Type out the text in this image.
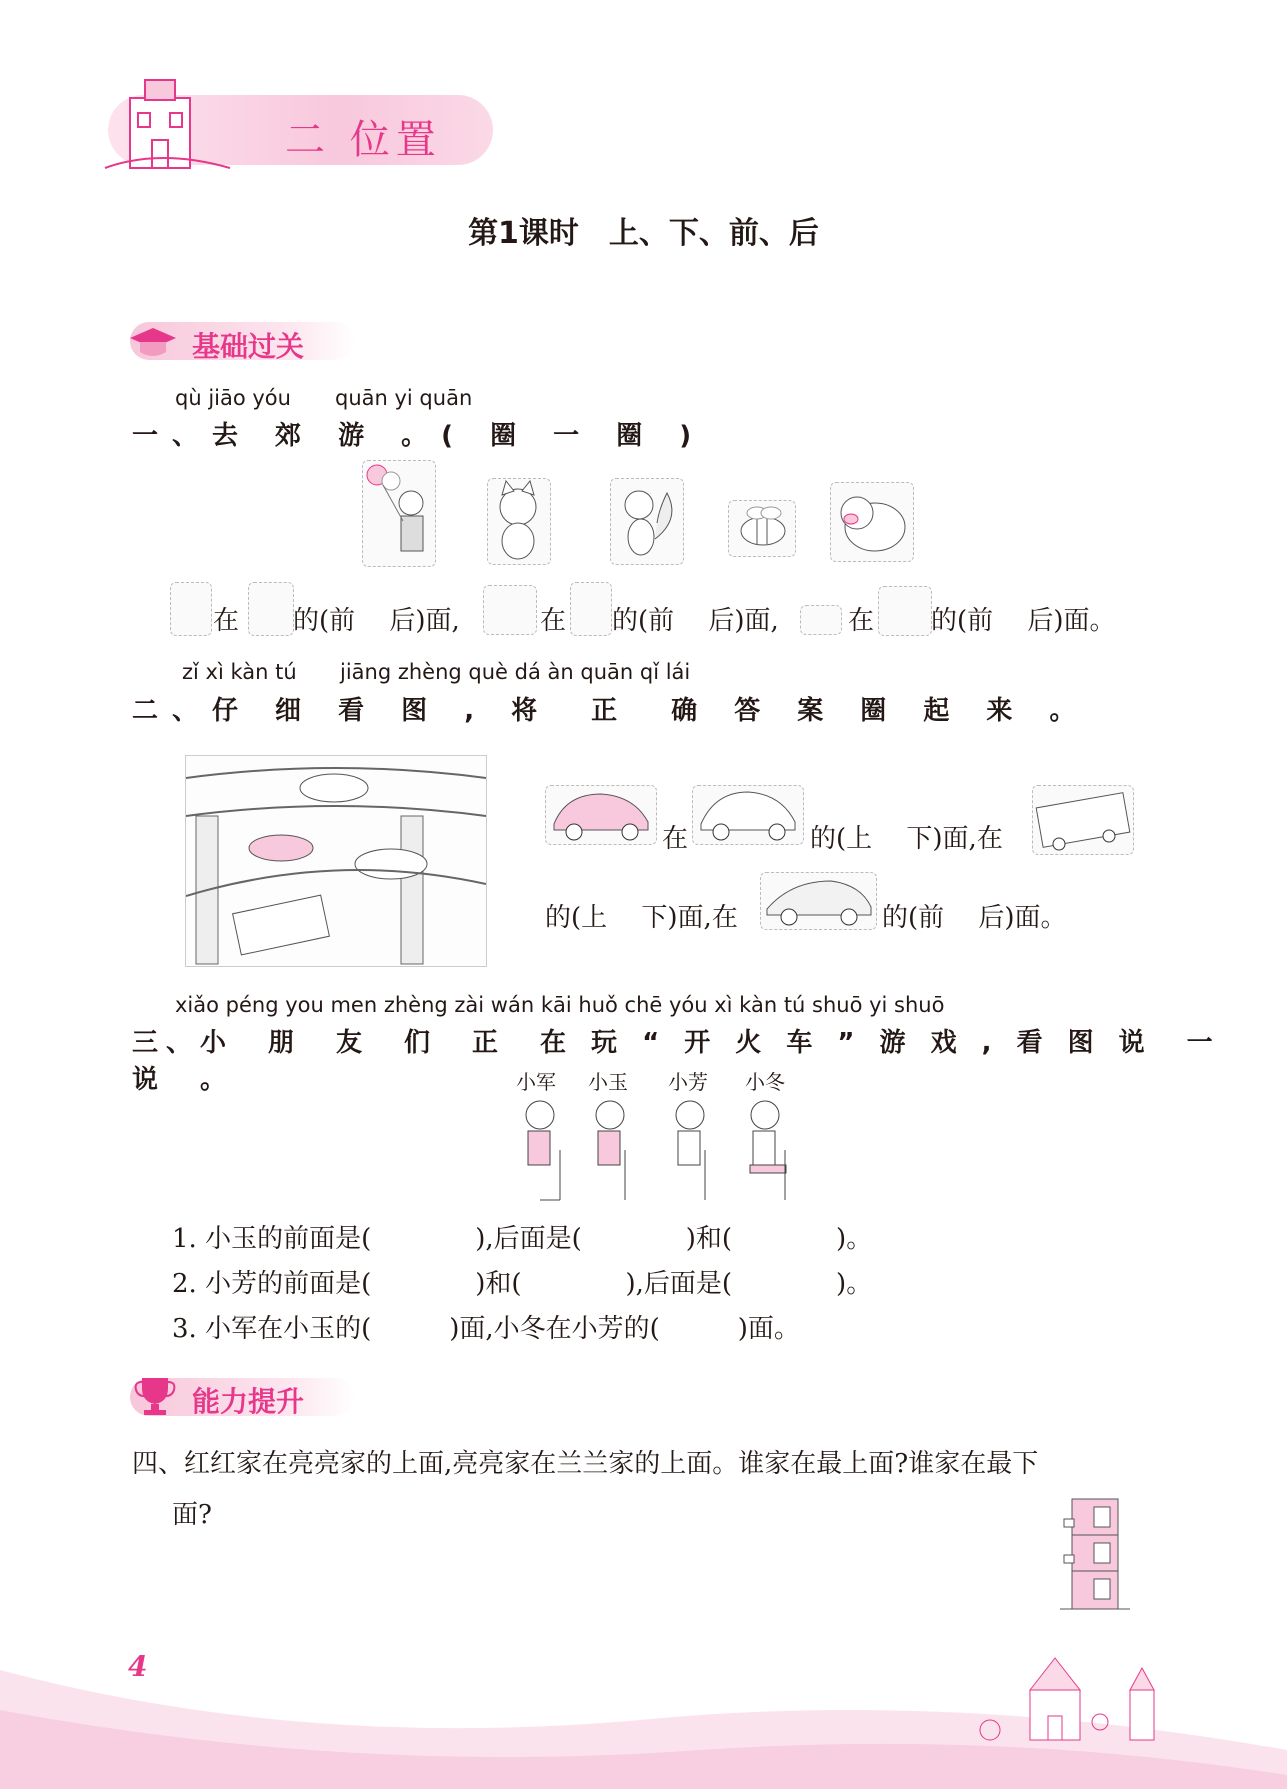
二 位置
第1课时　上、下、前、后
基础过关
qù jiāo yóu quān yi quān
一、去 郊 游 。( 圈 一 圈 )
在 的(前　 后)面,	在 的(前　 后)面,	在 的(前　 后)面。
zǐ xì kàn tú jiāng zhèng què dá àn quān qǐ lái
二、仔 细 看 图 , 将　正　确 答 案 圈 起 来 。
在	的(上　 下)面,在
的(上　 下)面,在	的(前　 后)面。
xiǎo péng you men zhèng zài wán kāi huǒ chē yóu xì kàn tú shuō yi shuō
三、小　朋　友　们　正　在 玩 “ 开 火 车 ” 游 戏 , 看 图 说　一　说　。	小军 小玉 小芳 小冬
1. 小玉的前面是(　　　　),后面是(　　　　)和(　　　　)。
2. 小芳的前面是(　　　　)和(　　　　),后面是(　　　　)。
3. 小军在小玉的(　　　)面,小冬在小芳的(　　　)面。
能力提升
四、红红家在亮亮家的上面,亮亮家在兰兰家的上面。谁家在最上面?谁家在最下
面?
4
